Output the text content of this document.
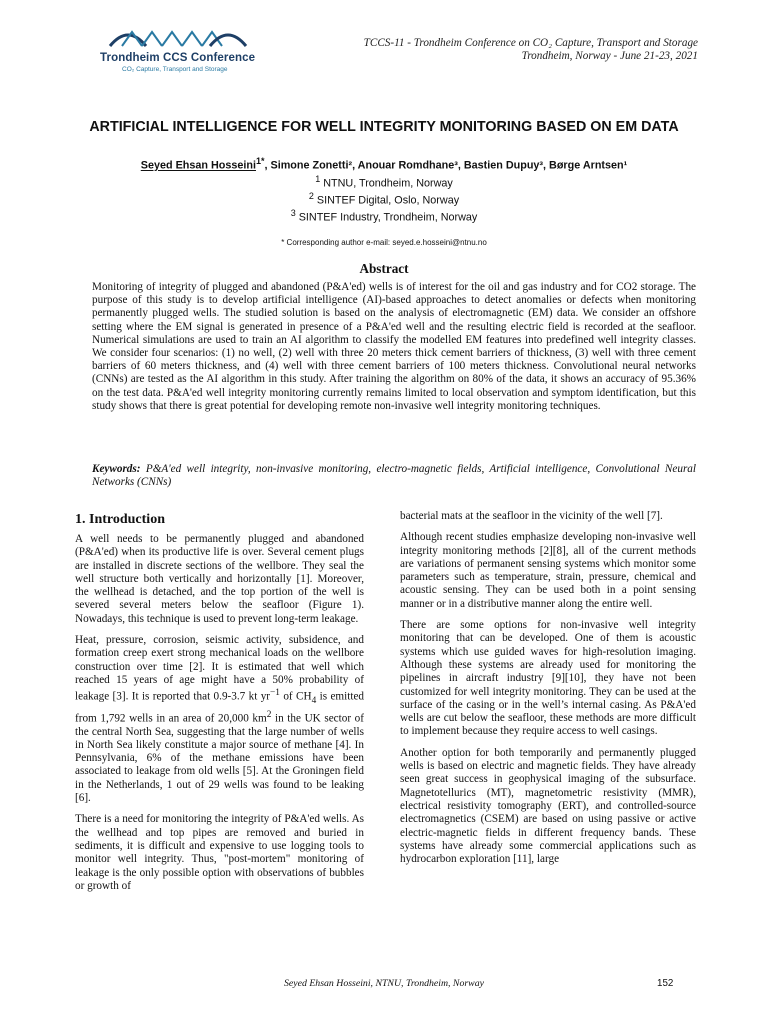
Trondheim CCS Conference
CO₂ Capture, Transport and Storage
TCCS-11 - Trondheim Conference on CO₂ Capture, Transport and Storage
Trondheim, Norway - June 21-23, 2021
ARTIFICIAL INTELLIGENCE FOR WELL INTEGRITY MONITORING BASED ON EM DATA
Seyed Ehsan Hosseini$^{1*}$, Simone Zonetti², Anouar Romdhane³, Bastien Dupuy³, Børge Arntsen¹
$^1$ NTNU, Trondheim, Norway
$^2$ SINTEF Digital, Oslo, Norway
$^3$ SINTEF Industry, Trondheim, Norway
* Corresponding author e-mail: seyed.e.hosseini@ntnu.no
Abstract
Monitoring of integrity of plugged and abandoned (P&A'ed) wells is of interest for the oil and gas industry and for CO2 storage. The purpose of this study is to develop artificial intelligence (AI)-based approaches to detect anomalies or defects when monitoring permanently plugged wells. The studied solution is based on the analysis of electromagnetic (EM) data. We consider an offshore setting where the EM signal is generated in presence of a P&A'ed well and the resulting electric field is recorded at the seafloor. Numerical simulations are used to train an AI algorithm to classify the modelled EM features into predefined well integrity classes. We consider four scenarios: (1) no well, (2) well with three 20 meters thick cement barriers of thickness, (3) well with three cement barriers of 60 meters thickness, and (4) well with three cement barriers of 100 meters thickness. Convolutional neural networks (CNNs) are tested as the AI algorithm in this study. After training the algorithm on 80% of the data, it shows an accuracy of 95.36% on the test data. P&A'ed well integrity monitoring currently remains limited to local observation and symptom identification, but this study shows that there is great potential for developing remote non-invasive well integrity monitoring techniques.
Keywords: P&A'ed well integrity, non-invasive monitoring, electro-magnetic fields, Artificial intelligence, Convolutional Neural Networks (CNNs)
1. Introduction

A well needs to be permanently plugged and abandoned (P&A'ed) when its productive life is over. Several cement plugs are installed in discrete sections of the wellbore. They seal the well structure both vertically and horizontally [1]. Moreover, the wellhead is detached, and the top portion of the well is severed several meters below the seafloor (Figure 1). Nowadays, this technique is used to prevent long-term leakage.

Heat, pressure, corrosion, seismic activity, subsidence, and formation creep exert strong mechanical loads on the wellbore construction over time [2]. It is estimated that well which reached 15 years of age might have a 50% probability of leakage [3]. It is reported that 0.9-3.7 kt $yr^{-1}$ of $CH_4$ is emitted from 1,792 wells in an area of 20,000 $km^2$ in the UK sector of the central North Sea, suggesting that the large number of wells in North Sea likely constitute a major source of methane [4]. In Pennsylvania, 6% of the methane emissions have been associated to leakage from old wells [5]. At the Groningen field in the Netherlands, 1 out of 29 wells was found to be leaking [6].

There is a need for monitoring the integrity of P&A'ed wells. As the wellhead and top pipes are removed and buried in sediments, it is difficult and expensive to use logging tools to monitor well integrity. Thus, "post-mortem" monitoring of leakage is the only possible option with observations of bubbles or growth of

bacterial mats at the seafloor in the vicinity of the well [7].

Although recent studies emphasize developing non-invasive well integrity monitoring methods [2][8], all of the current methods are variations of permanent sensing systems which monitor some parameters such as temperature, strain, pressure, chemical and acoustic sensing. They can be used both in a point sensing manner or in a distributive manner along the entire well.

There are some options for non-invasive well integrity monitoring that can be developed. One of them is acoustic systems which use guided waves for high-resolution imaging. Although these systems are already used for monitoring the pipelines in aircraft industry [9][10], they have not been customized for well integrity monitoring. They can be used at the surface of the casing or in the well’s internal casing. As P&A'ed wells are cut below the seafloor, these methods are more difficult to implement because they require access to well casings.

Another option for both temporarily and permanently plugged wells is based on electric and magnetic fields. They have already seen great success in geophysical imaging of the subsurface. Magnetotellurics (MT), magnetometric resistivity (MMR), electrical resistivity tomography (ERT), and controlled-source electromagnetics (CSEM) are based on using passive or active electric-magnetic fields in different frequency bands. These systems have already some commercial applications such as hydrocarbon exploration [11], large

Seyed Ehsan Hosseini, NTNU, Trondheim, Norway	152
